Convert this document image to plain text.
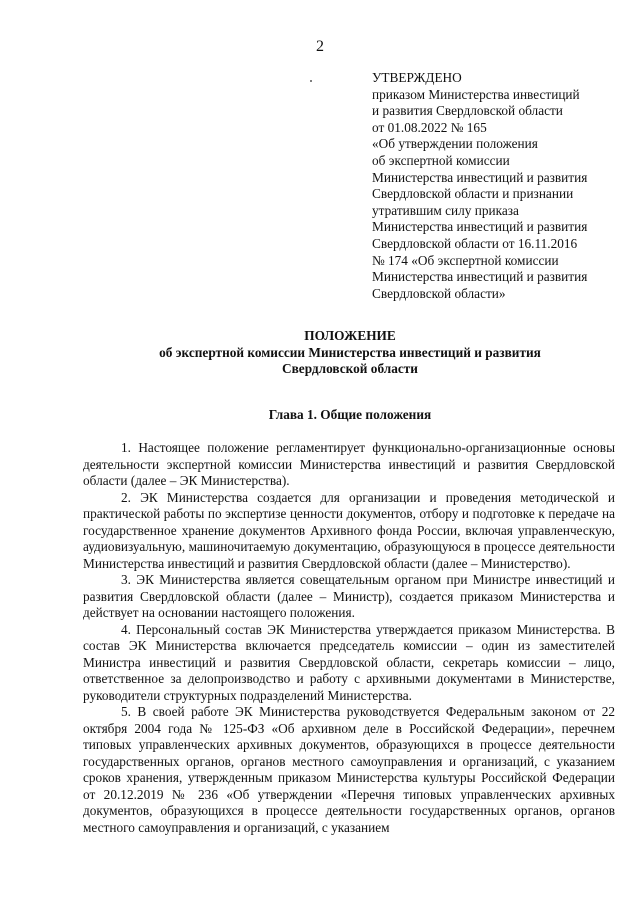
2
УТВЕРЖДЕНО
приказом Министерства инвестиций
и развития Свердловской области
от 01.08.2022 № 165
«Об утверждении положения
об экспертной комиссии
Министерства инвестиций и развития
Свердловской области и признании
утратившим силу приказа
Министерства инвестиций и развития
Свердловской области от 16.11.2016
№ 174 «Об экспертной комиссии
Министерства инвестиций и развития
Свердловской области»
ПОЛОЖЕНИЕ
об экспертной комиссии Министерства инвестиций и развития
Свердловской области
Глава 1. Общие положения

1. Настоящее положение регламентирует функционально-организационные основы деятельности экспертной комиссии Министерства инвестиций и развития Свердловской области (далее – ЭК Министерства).

2. ЭК Министерства создается для организации и проведения методической и практической работы по экспертизе ценности документов, отбору и подготовке к передаче на государственное хранение документов Архивного фонда России, включая управленческую, аудиовизуальную, машиночитаемую документацию, образующуюся в процессе деятельности Министерства инвестиций и развития Свердловской области (далее – Министерство).

3. ЭК Министерства является совещательным органом при Министре инвестиций и развития Свердловской области (далее – Министр), создается приказом Министерства и действует на основании настоящего положения.

4. Персональный состав ЭК Министерства утверждается приказом Министерства. В состав ЭК Министерства включается председатель комиссии – один из заместителей Министра инвестиций и развития Свердловской области, секретарь комиссии – лицо, ответственное за делопроизводство и работу с архивными документами в Министерстве, руководители структурных подразделений Министерства.

5. В своей работе ЭК Министерства руководствуется Федеральным законом от 22 октября 2004 года № 125-ФЗ «Об архивном деле в Российской Федерации», перечнем типовых управленческих архивных документов, образующихся в процессе деятельности государственных органов, органов местного самоуправления и организаций, с указанием сроков хранения, утвержденным приказом Министерства культуры Российской Федерации от 20.12.2019 № 236 «Об утверждении «Перечня типовых управленческих архивных документов, образующихся в процессе деятельности государственных органов, органов местного самоуправления и организаций, с указанием
